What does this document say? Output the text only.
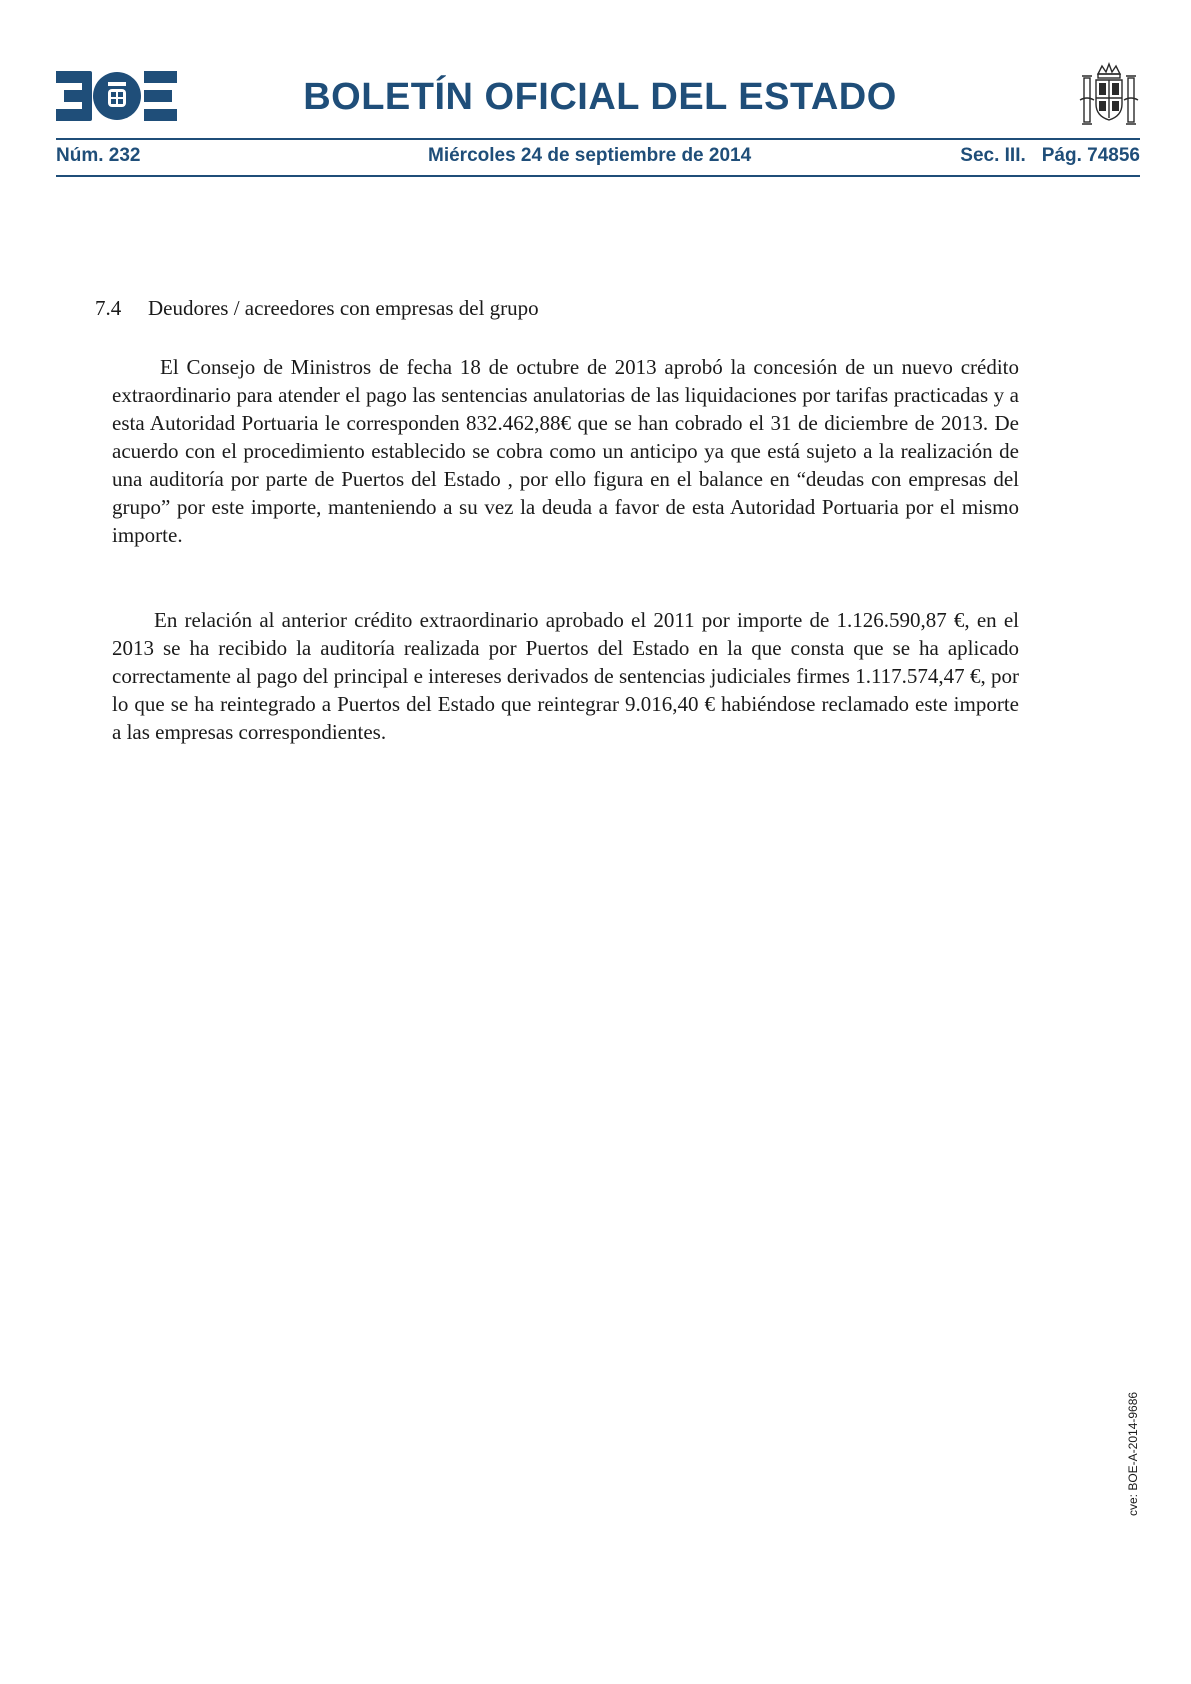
BOLETÍN OFICIAL DEL ESTADO
Núm. 232	Miércoles 24 de septiembre de 2014	Sec. III. Pág. 74856
7.4 Deudores / acreedores con empresas del grupo

El Consejo de Ministros de fecha 18 de octubre de 2013 aprobó la concesión de un nuevo crédito extraordinario para atender el pago las sentencias anulatorias de las liquidaciones por tarifas practicadas y a esta Autoridad Portuaria le corresponden 832.462,88€ que se han cobrado el 31 de diciembre de 2013. De acuerdo con el procedimiento establecido se cobra como un anticipo ya que está sujeto a la realización de una auditoría por parte de Puertos del Estado , por ello figura en el balance en “deudas con empresas del grupo” por este importe, manteniendo a su vez la deuda a favor de esta Autoridad Portuaria por el mismo importe.

En relación al anterior crédito extraordinario aprobado el 2011 por importe de 1.126.590,87 €, en el 2013 se ha recibido la auditoría realizada por Puertos del Estado en la que consta que se ha aplicado correctamente al pago del principal e intereses derivados de sentencias judiciales firmes 1.117.574,47 €, por lo que se ha reintegrado a Puertos del Estado que reintegrar 9.016,40 € habiéndose reclamado este importe a las empresas correspondientes.

cve: BOE-A-2014-9686
